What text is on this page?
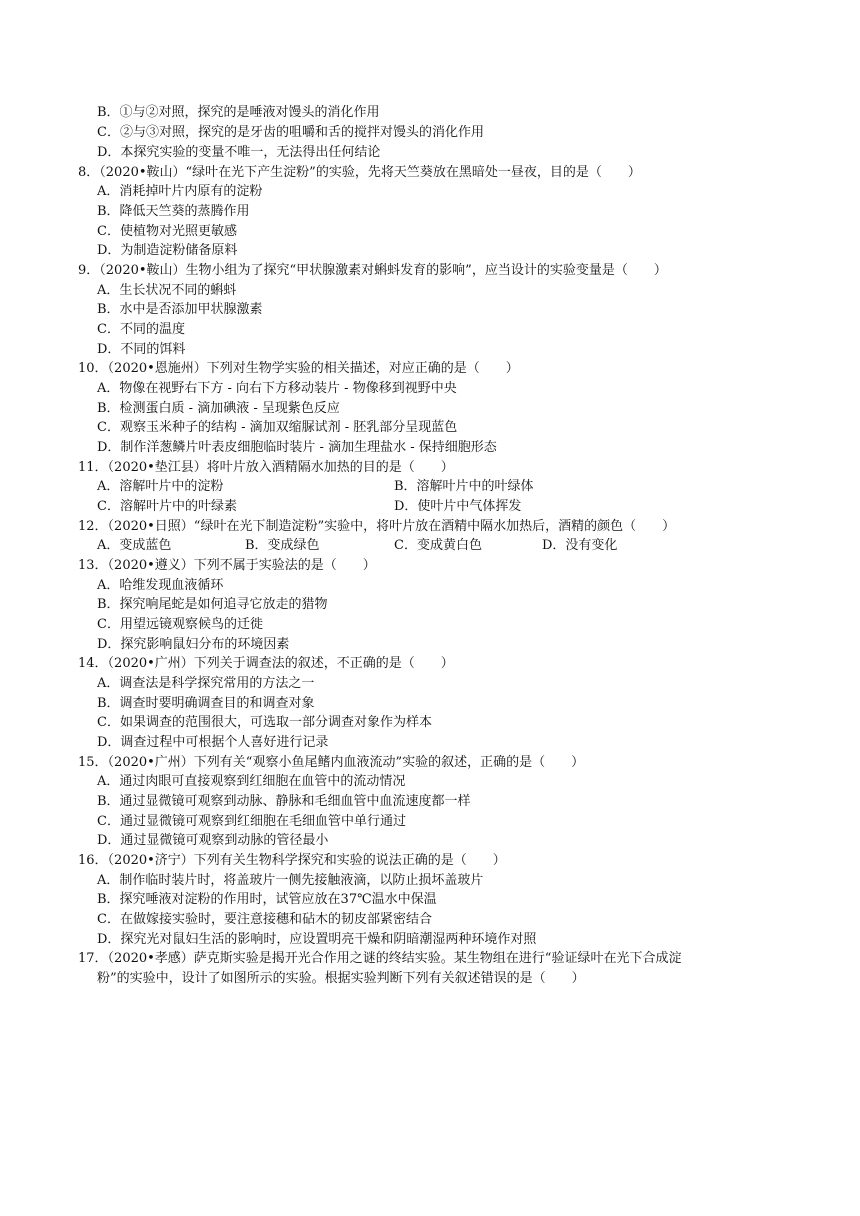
B．①与②对照，探究的是唾液对馒头的消化作用
C．②与③对照，探究的是牙齿的咀嚼和舌的搅拌对馒头的消化作用
D．本探究实验的变量不唯一，无法得出任何结论
8．（2020•鞍山）“绿叶在光下产生淀粉”的实验，先将天竺葵放在黑暗处一昼夜，目的是（　　）
A．消耗掉叶片内原有的淀粉
B．降低天竺葵的蒸腾作用
C．使植物对光照更敏感
D．为制造淀粉储备原料
9．（2020•鞍山）生物小组为了探究“甲状腺激素对蝌蚪发育的影响”，应当设计的实验变量是（　　）
A．生长状况不同的蝌蚪
B．水中是否添加甲状腺激素
C．不同的温度
D．不同的饵料
10．（2020•恩施州）下列对生物学实验的相关描述，对应正确的是（　　）
A．物像在视野右下方 - 向右下方移动装片 - 物像移到视野中央
B．检测蛋白质 - 滴加碘液 - 呈现紫色反应
C．观察玉米种子的结构 - 滴加双缩脲试剂 - 胚乳部分呈现蓝色
D．制作洋葱鳞片叶表皮细胞临时装片 - 滴加生理盐水 - 保持细胞形态
11．（2020•垫江县）将叶片放入酒精隔水加热的目的是（　　）
A．溶解叶片中的淀粉	B．溶解叶片中的叶绿体
C．溶解叶片中的叶绿素	D．使叶片中气体挥发
12．（2020•日照）“绿叶在光下制造淀粉”实验中，将叶片放在酒精中隔水加热后，酒精的颜色（　　）
A．变成蓝色	B．变成绿色	C．变成黄白色	D．没有变化
13．（2020•遵义）下列不属于实验法的是（　　）
A．哈维发现血液循环
B．探究响尾蛇是如何追寻它放走的猎物
C．用望远镜观察候鸟的迁徙
D．探究影响鼠妇分布的环境因素
14．（2020•广州）下列关于调查法的叙述，不正确的是（　　）
A．调查法是科学探究常用的方法之一
B．调查时要明确调查目的和调查对象
C．如果调查的范围很大，可选取一部分调查对象作为样本
D．调查过程中可根据个人喜好进行记录
15．（2020•广州）下列有关“观察小鱼尾鳍内血液流动”实验的叙述，正确的是（　　）
A．通过肉眼可直接观察到红细胞在血管中的流动情况
B．通过显微镜可观察到动脉、静脉和毛细血管中血流速度都一样
C．通过显微镜可观察到红细胞在毛细血管中单行通过
D．通过显微镜可观察到动脉的管径最小
16．（2020•济宁）下列有关生物科学探究和实验的说法正确的是（　　）
A．制作临时装片时，将盖玻片一侧先接触液滴，以防止损坏盖玻片
B．探究唾液对淀粉的作用时，试管应放在37℃温水中保温
C．在做嫁接实验时，要注意接穗和砧木的韧皮部紧密结合
D．探究光对鼠妇生活的影响时，应设置明亮干燥和阴暗潮湿两种环境作对照
17．（2020•孝感）萨克斯实验是揭开光合作用之谜的终结实验。某生物组在进行“验证绿叶在光下合成淀
粉”的实验中，设计了如图所示的实验。根据实验判断下列有关叙述错误的是（　　）
